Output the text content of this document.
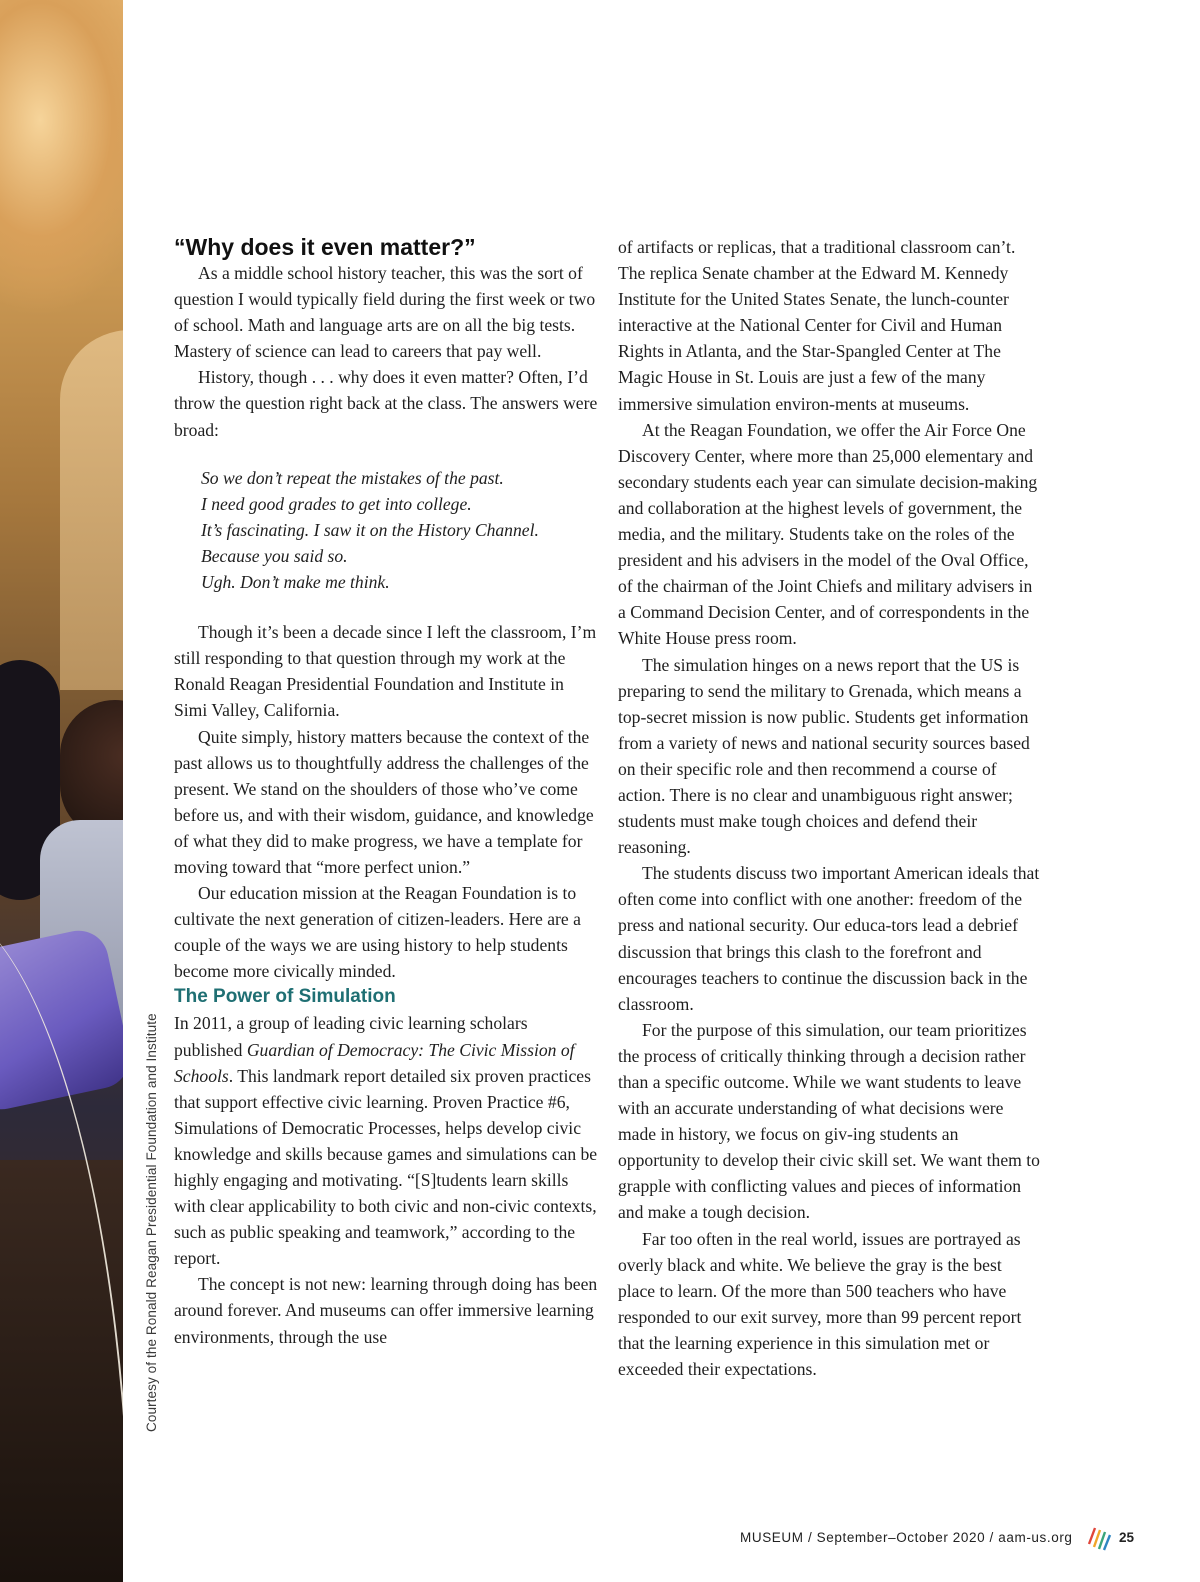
Courtesy of the Ronald Reagan Presidential Foundation and Institute

“Why does it even matter?”

As a middle school history teacher, this was the sort of question I would typically field during the first week or two of school. Math and language arts are on all the big tests. Mastery of science can lead to careers that pay well.

History, though . . . why does it even matter? Often, I’d throw the question right back at the class. The answers were broad:

So we don’t repeat the mistakes of the past.
I need good grades to get into college.
It’s fascinating. I saw it on the History Channel.
Because you said so.
Ugh. Don’t make me think.

Though it’s been a decade since I left the classroom, I’m still responding to that question through my work at the Ronald Reagan Presidential Foundation and Institute in Simi Valley, California.

Quite simply, history matters because the context of the past allows us to thoughtfully address the challenges of the present. We stand on the shoulders of those who’ve come before us, and with their wisdom, guidance, and knowledge of what they did to make progress, we have a template for moving toward that “more perfect union.”

Our education mission at the Reagan Foundation is to cultivate the next generation of citizen-leaders. Here are a couple of the ways we are using history to help students become more civically minded.

The Power of Simulation

In 2011, a group of leading civic learning scholars published Guardian of Democracy: The Civic Mission of Schools. This landmark report detailed six proven practices that support effective civic learning. Proven Practice #6, Simulations of Democratic Processes, helps develop civic knowledge and skills because games and simulations can be highly engaging and motivating. “[S]tudents learn skills with clear applicability to both civic and non-civic contexts, such as public speaking and teamwork,” according to the report.

The concept is not new: learning through doing has been around forever. And museums can offer immersive learning environments, through the use

of artifacts or replicas, that a traditional classroom can’t. The replica Senate chamber at the Edward M. Kennedy Institute for the United States Senate, the lunch-counter interactive at the National Center for Civil and Human Rights in Atlanta, and the Star-Spangled Center at The Magic House in St. Louis are just a few of the many immersive simulation environ-ments at museums.

At the Reagan Foundation, we offer the Air Force One Discovery Center, where more than 25,000 elementary and secondary students each year can simulate decision-making and collaboration at the highest levels of government, the media, and the military. Students take on the roles of the president and his advisers in the model of the Oval Office, of the chairman of the Joint Chiefs and military advisers in a Command Decision Center, and of correspondents in the White House press room.

The simulation hinges on a news report that the US is preparing to send the military to Grenada, which means a top-secret mission is now public. Students get information from a variety of news and national security sources based on their specific role and then recommend a course of action. There is no clear and unambiguous right answer; students must make tough choices and defend their reasoning.

The students discuss two important American ideals that often come into conflict with one another: freedom of the press and national security. Our educa-tors lead a debrief discussion that brings this clash to the forefront and encourages teachers to continue the discussion back in the classroom.

For the purpose of this simulation, our team prioritizes the process of critically thinking through a decision rather than a specific outcome. While we want students to leave with an accurate understanding of what decisions were made in history, we focus on giv-ing students an opportunity to develop their civic skill set. We want them to grapple with conflicting values and pieces of information and make a tough decision.

Far too often in the real world, issues are portrayed as overly black and white. We believe the gray is the best place to learn. Of the more than 500 teachers who have responded to our exit survey, more than 99 percent report that the learning experience in this simulation met or exceeded their expectations.

MUSEUM / September–October 2020 / aam-us.org	25
